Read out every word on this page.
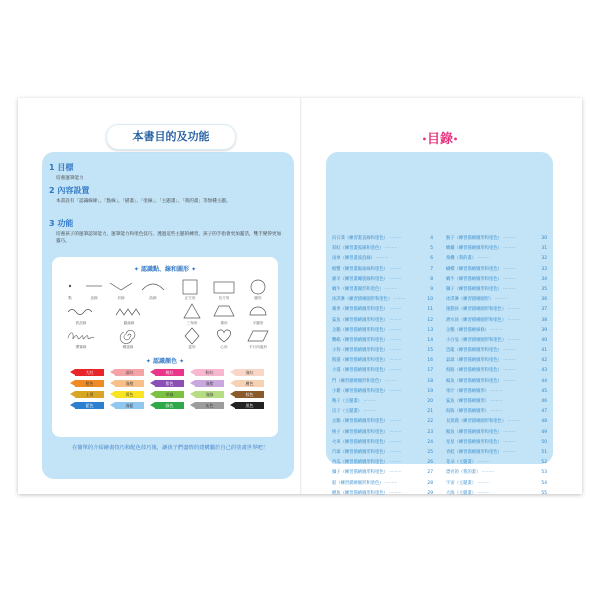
1 目標
培養運筆能力
2 內容設置
本書設有「認識線條」、「點線」、「描畫」、「塗線」、「主題畫」、「我的畫」等無種主題。
3 功能
培養孩子的運筆認知能力，運筆能力和塗色技巧。透過這些主題的練習，孩子的手指會更加靈活，雙手變得更加靈巧。
✦ 認識點、線和圖形 ✦
點	直線	折線	曲線	正方形	長方形	圓形
波浪線	鋸齒線	三角形	梯形	半圓形
彈簧線	螺旋線	菱形	心形	平行四邊形
✦ 認識顏色 ✦
大紅	深紅	桃紅	粉紅	淺紅
橙色	淺橙	紫色	淺紫	膚色
土黃	黃色	草綠	淺綠	棕色
藍色	淺藍	綠色	灰色	黑色
在簡單的介紹繪畫技巧和配色技巧後，讓孩子們盡情的建構屬於自己的塗畫世界吧！
本書目的及功能
向日葵（練習畫直線和塗色） ·········	4
彩虹（練習畫弧線和塗色） ·········	5
雨傘（練習畫波浪線） ·········	6
螃蟹（練習畫鋸齒線和塗色） ·········	7
綿羊（練習畫螺旋線和塗色） ·········	8
蝸牛（練習畫圖形和塗色） ·········	9
冰淇淋（練習描繪圖形和塗色） ·········	10
蘋果（練習描繪圖形和塗色） ·········	11
鯊魚（練習描繪圖形和塗色） ·········	12
企鵝（練習描繪圖形和塗色） ·········	13
鸚鵡（練習描繪圖形和塗色） ·········	14
小狗（練習描繪圖形和塗色） ·········	15
熊貓（練習描繪圖形和塗色） ·········	16
小貓（練習描繪圖形和塗色） ·········	17
門（練習描繪圖形和塗色） ·········	18
小雞（練習描繪圖形和塗色） ·········	19
鴨子（主題畫） ·········	20
房子（主題畫） ·········	21
企鵝（練習描繪圖形和塗色） ·········	22
桃子（練習描繪圖形和塗色） ·········	23
火車（練習描繪圖形和塗色） ·········	24
汽球（練習描繪圖形和塗色） ·········	25
西瓜（練習描繪圖形和塗色） ·········	26
獅子（練習描繪圖形和塗色） ·········	27
船（練習描繪圖形和塗色） ·········	28
鯉魚（練習描繪圖形和塗色） ·········	29
猴子（練習描繪圖形和塗色） ·········	30
螞蟻（練習描繪圖形和塗色） ·········	31
飛機（我的畫） ·········	32
蝴蝶（練習描繪圖形和塗色） ·········	33
蝸牛（練習描繪圖形和塗色） ·········	34
獅子（練習描繪圖形和塗色） ·········	35
冰淇淋（練習描繪圖形） ·········	36
運動員（練習描繪圖形和塗色） ·········	37
潛水員（練習描繪圖形和塗色） ·········	38
企鵝（練習描繪線條） ·········	39
小白兔（練習描繪圖形和塗色） ·········	40
恐龍（練習描繪圖形和塗色） ·········	41
氣球（練習描繪圖形和塗色） ·········	42
海豚（練習描繪圖形和塗色） ·········	43
鯨魚（練習描繪圖形和塗色） ·········	44
果汁（練習描繪圖形） ·········	45
鯊魚（練習描繪圖形） ·········	46
海豚（練習描繪圖形） ·········	47
長頸鹿（練習描繪圖形和塗色） ·········	48
鯨魚（練習描繪圖形和塗色） ·········	49
星星（練習描繪圖形和塗色） ·········	50
青蛙（練習描繪圖形和塗色） ·········	51
花朵（主題畫） ·········	52
漂亮的（我的畫） ·········	53
宇宙（主題畫） ·········	54
大海（主題畫） ·········	55
•目錄•
